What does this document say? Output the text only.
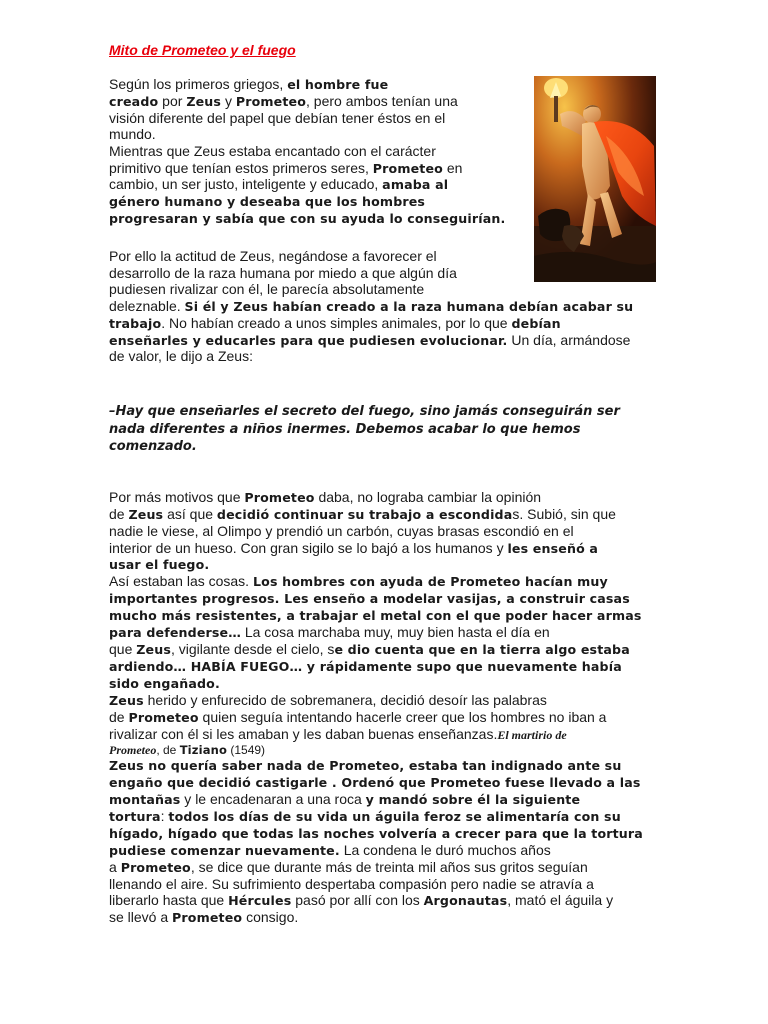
Mito de Prometeo y el fuego

Según los primeros griegos, el hombre fue

creado por Zeus y Prometeo, pero ambos tenían una

visión diferente del papel que debían tener éstos en el

mundo.

Mientras que Zeus estaba encantado con el carácter

primitivo que tenían estos primeros seres, Prometeo en

cambio, un ser justo, inteligente y educado, amaba al

género humano y deseaba que los hombres

progresaran y sabía que con su ayuda lo conseguirían.

Por ello la actitud de Zeus, negándose a favorecer el

desarrollo de la raza humana por miedo a que algún día

pudiesen rivalizar con él, le parecía absolutamente

deleznable. Si él y Zeus habían creado a la raza humana debían acabar su

trabajo. No habían creado a unos simples animales, por lo que debían

enseñarles y educarles para que pudiesen evolucionar. Un día, armándose

de valor, le dijo a Zeus:

–Hay que enseñarles el secreto del fuego, sino jamás conseguirán ser
nada diferentes a niños inermes. Debemos acabar lo que hemos
comenzado.

Por más motivos que Prometeo daba, no lograba cambiar la opinión

de Zeus así que decidió continuar su trabajo a escondidas. Subió, sin que

nadie le viese, al Olimpo y prendió un carbón, cuyas brasas escondió en el

interior de un hueso. Con gran sigilo se lo bajó a los humanos y les enseñó a

usar el fuego.

Así estaban las cosas. Los hombres con ayuda de Prometeo hacían muy

importantes progresos. Les enseño a modelar vasijas, a construir casas

mucho más resistentes, a trabajar el metal con el que poder hacer armas

para defenderse… La cosa marchaba muy, muy bien hasta el día en

que Zeus, vigilante desde el cielo, se dio cuenta que en la tierra algo estaba

ardiendo… HABÍA FUEGO… y rápidamente supo que nuevamente había

sido engañado.

Zeus herido y enfurecido de sobremanera, decidió desoír las palabras

de Prometeo quien seguía intentando hacerle creer que los hombres no iban a

rivalizar con él si les amaban y les daban buenas enseñanzas.El martirio de

Prometeo, de Tiziano (1549)

Zeus no quería saber nada de Prometeo, estaba tan indignado ante su

engaño que decidió castigarle . Ordenó que Prometeo fuese llevado a las

montañas y le encadenaran a una roca y mandó sobre él la siguiente

tortura: todos los días de su vida un águila feroz se alimentaría con su

hígado, hígado que todas las noches volvería a crecer para que la tortura

pudiese comenzar nuevamente. La condena le duró muchos años

a Prometeo, se dice que durante más de treinta mil años sus gritos seguían

llenando el aire. Su sufrimiento despertaba compasión pero nadie se atravía a

liberarlo hasta que Hércules pasó por allí con los Argonautas, mató el águila y

se llevó a Prometeo consigo.
